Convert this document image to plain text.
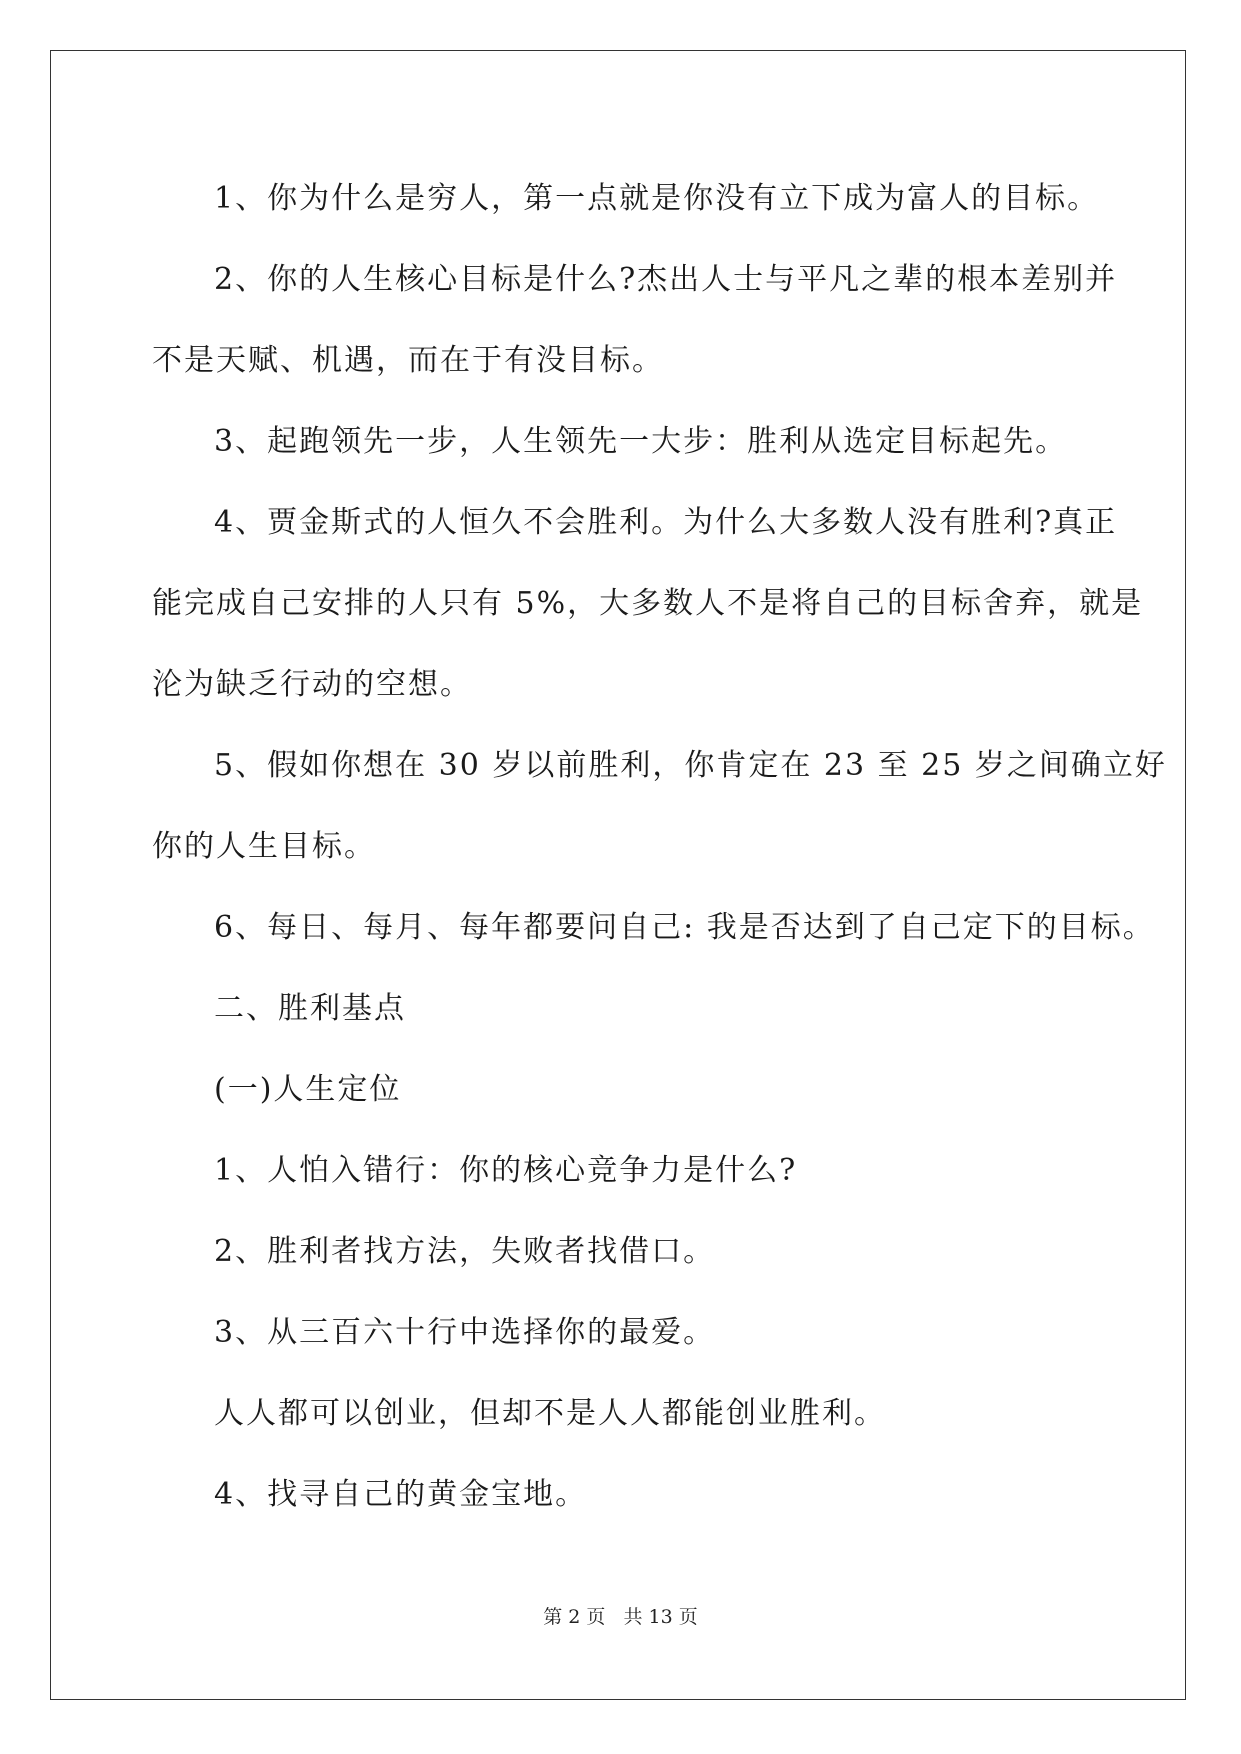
1、你为什么是穷人，第一点就是你没有立下成为富人的目标。

2、你的人生核心目标是什么?杰出人士与平凡之辈的根本差别并

不是天赋、机遇，而在于有没目标。

3、起跑领先一步，人生领先一大步：胜利从选定目标起先。

4、贾金斯式的人恒久不会胜利。为什么大多数人没有胜利?真正

能完成自己安排的人只有 5%，大多数人不是将自己的目标舍弃，就是

沦为缺乏行动的空想。

5、假如你想在 30 岁以前胜利，你肯定在 23 至 25 岁之间确立好

你的人生目标。

6、每日、每月、每年都要问自己: 我是否达到了自己定下的目标。

二、胜利基点

(一)人生定位

1、人怕入错行：你的核心竞争力是什么?

2、胜利者找方法，失败者找借口。

3、从三百六十行中选择你的最爱。

人人都可以创业，但却不是人人都能创业胜利。

4、找寻自己的黄金宝地。

第 2 页 共 13 页
